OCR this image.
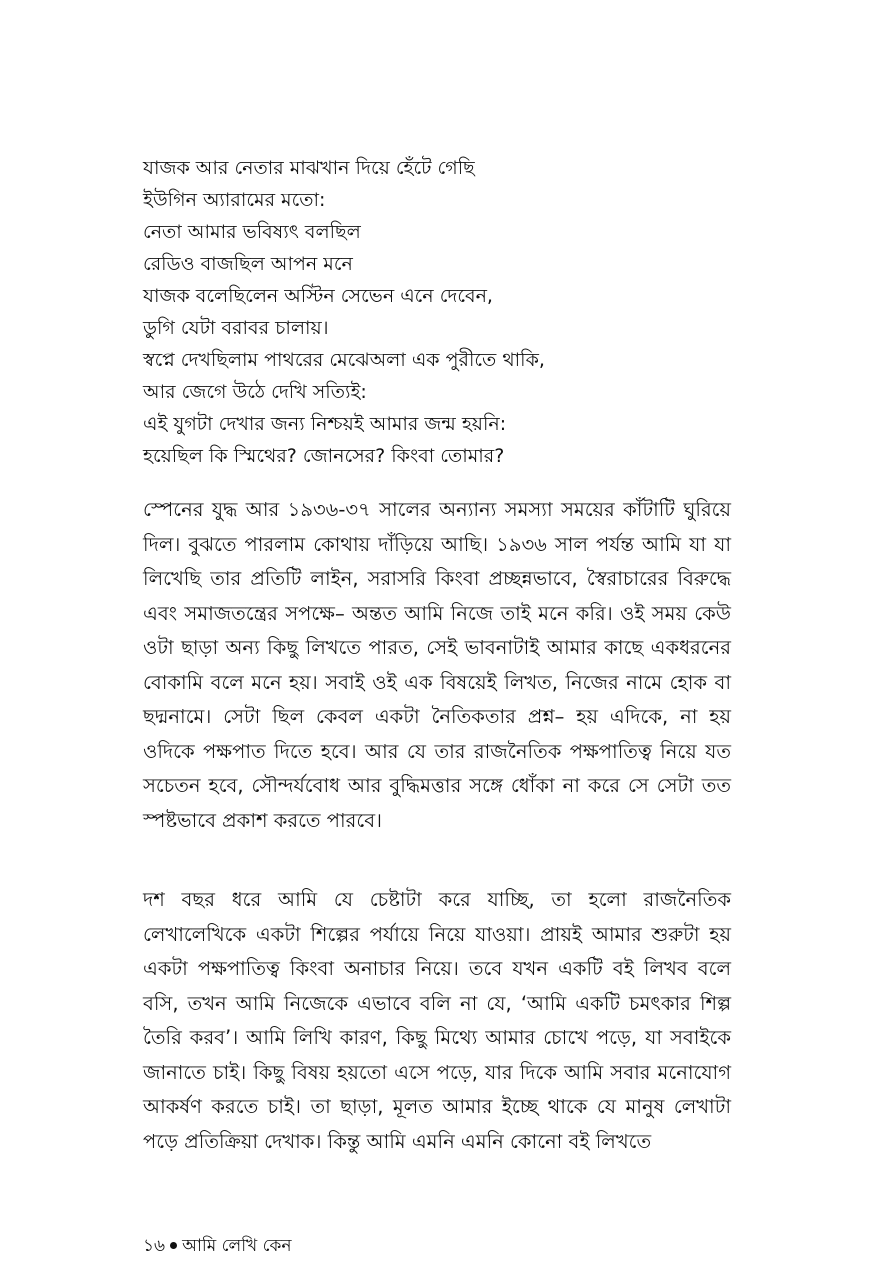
যাজক আর নেতার মাঝখান দিয়ে হেঁটে গেছি
ইউগিন অ্যারামের মতো:
নেতা আমার ভবিষ্যৎ বলছিল
রেডিও বাজছিল আপন মনে
যাজক বলেছিলেন অস্টিন সেভেন এনে দেবেন,
ডুগি যেটা বরাবর চালায়।
স্বপ্নে দেখছিলাম পাথরের মেঝেঅলা এক পুরীতে থাকি,
আর জেগে উঠে দেখি সত্যিই:
এই যুগটা দেখার জন্য নিশ্চয়ই আমার জন্ম হয়নি:
হয়েছিল কি স্মিথের? জোনসের? কিংবা তোমার?

স্পেনের যুদ্ধ আর ১৯৩৬-৩৭ সালের অন্যান্য সমস্যা সময়ের কাঁটাটি ঘুরিয়ে দিল। বুঝতে পারলাম কোথায় দাঁড়িয়ে আছি। ১৯৩৬ সাল পর্যন্ত আমি যা যা লিখেছি তার প্রতিটি লাইন, সরাসরি কিংবা প্রচ্ছন্নভাবে, স্বৈরাচারের বিরুদ্ধে এবং সমাজতন্ত্রের সপক্ষে– অন্তত আমি নিজে তাই মনে করি। ওই সময় কেউ ওটা ছাড়া অন্য কিছু লিখতে পারত, সেই ভাবনাটাই আমার কাছে একধরনের বোকামি বলে মনে হয়। সবাই ওই এক বিষয়েই লিখত, নিজের নামে হোক বা ছদ্মনামে। সেটা ছিল কেবল একটা নৈতিকতার প্রশ্ন– হয় এদিকে, না হয় ওদিকে পক্ষপাত দিতে হবে। আর যে তার রাজনৈতিক পক্ষপাতিত্ব নিয়ে যত সচেতন হবে, সৌন্দর্যবোধ আর বুদ্ধিমত্তার সঙ্গে ধোঁকা না করে সে সেটা তত স্পষ্টভাবে প্রকাশ করতে পারবে।

দশ বছর ধরে আমি যে চেষ্টাটা করে যাচ্ছি, তা হলো রাজনৈতিক লেখালেখিকে একটা শিল্পের পর্যায়ে নিয়ে যাওয়া। প্রায়ই আমার শুরুটা হয় একটা পক্ষপাতিত্ব কিংবা অনাচার নিয়ে। তবে যখন একটি বই লিখব বলে বসি, তখন আমি নিজেকে এভাবে বলি না যে, ‘আমি একটি চমৎকার শিল্প তৈরি করব’। আমি লিখি কারণ, কিছু মিথ্যে আমার চোখে পড়ে, যা সবাইকে জানাতে চাই। কিছু বিষয় হয়তো এসে পড়ে, যার দিকে আমি সবার মনোযোগ আকর্ষণ করতে চাই। তা ছাড়া, মূলত আমার ইচ্ছে থাকে যে মানুষ লেখাটা পড়ে প্রতিক্রিয়া দেখাক। কিন্তু আমি এমনি এমনি কোনো বই লিখতে

১৬ আমি লেখি কেন
